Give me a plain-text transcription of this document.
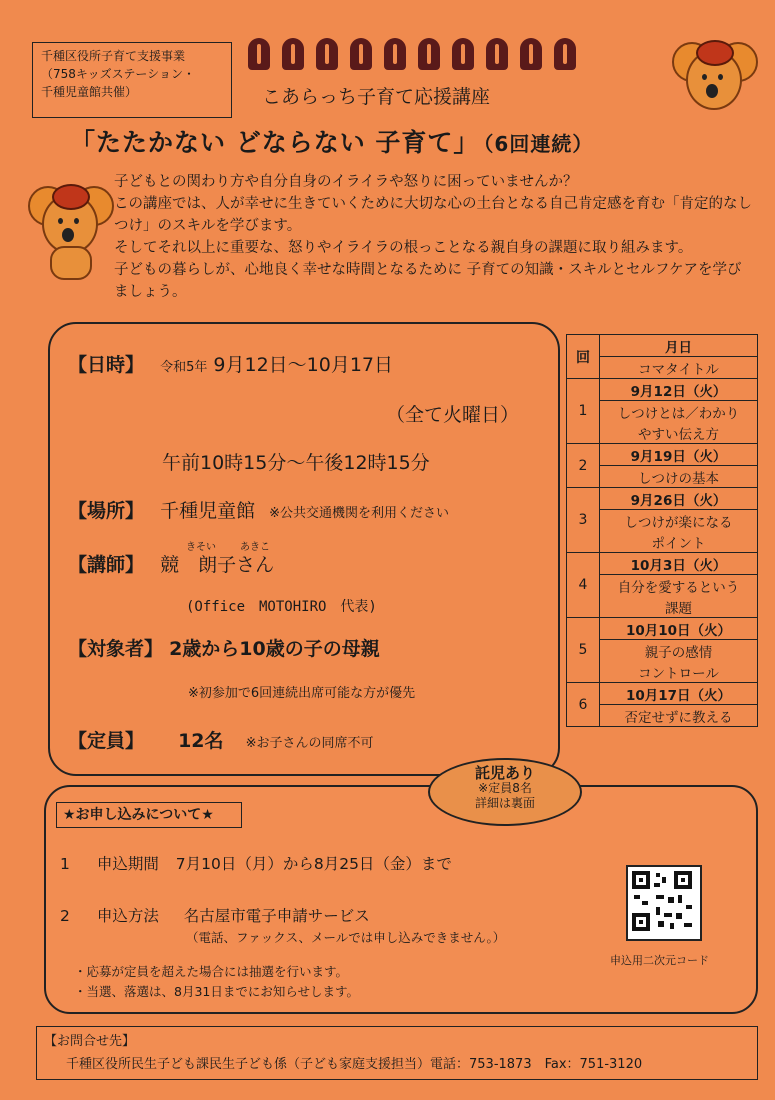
千種区役所子育て支援事業
（758キッズステーション・
千種児童館共催）	こあらっち子育て応援講座
「たたかない どならない 子育て」 （6回連続）

子どもとの関わり方や自分自身のイライラや怒りに困っていませんか？

この講座では、人が幸せに生きていくために大切な心の土台となる自己肯定感を育む「肯定的なしつけ」のスキルを学びます。

そしてそれ以上に重要な、怒りやイライラの根っことなる親自身の課題に取り組みます。

子どもの暮らしが、心地良く幸せな時間となるために 子育ての知識・スキルとセルフケアを学びましょう。

【日時】 令和5年 9月12日～10月17日
（全て火曜日）
午前10時15分～午後12時15分
【場所】 千種児童館 ※公共交通機関を利用ください
きそい あきこ
【講師】 競　朗子さん
(Office　MOTOHIRO　代表)
【対象者】 2歳から10歳の子の母親
※初参加で6回連続出席可能な方が優先
【定員】 12名 ※お子さんの同席不可
回	月日
	コマタイトル
1	9月12日（火）
	しつけとは／わかり
	やすい伝え方
2	9月19日（火）
	しつけの基本
3	9月26日（火）
	しつけが楽になる
	ポイント
4	10月3日（火）
	自分を愛するという
	課題
5	10月10日（火）
	親子の感情
	コントロール
6	10月17日（火）
	否定せずに教える
託児あり
※定員8名
詳細は裏面
★お申し込みについて★
1 申込期間 7月10日（月）から8月25日（金）まで
2 申込方法 名古屋市電子申請サービス
（電話、ファックス、メールでは申し込みできません。）
・応募が定員を超えた場合には抽選を行います。
・当選、落選は、8月31日までにお知らせします。
申込用二次元コード
【お問合せ先】
千種区役所民生子ども課民生子ども係（子ども家庭支援担当）電話：753-1873　Fax：751-3120
